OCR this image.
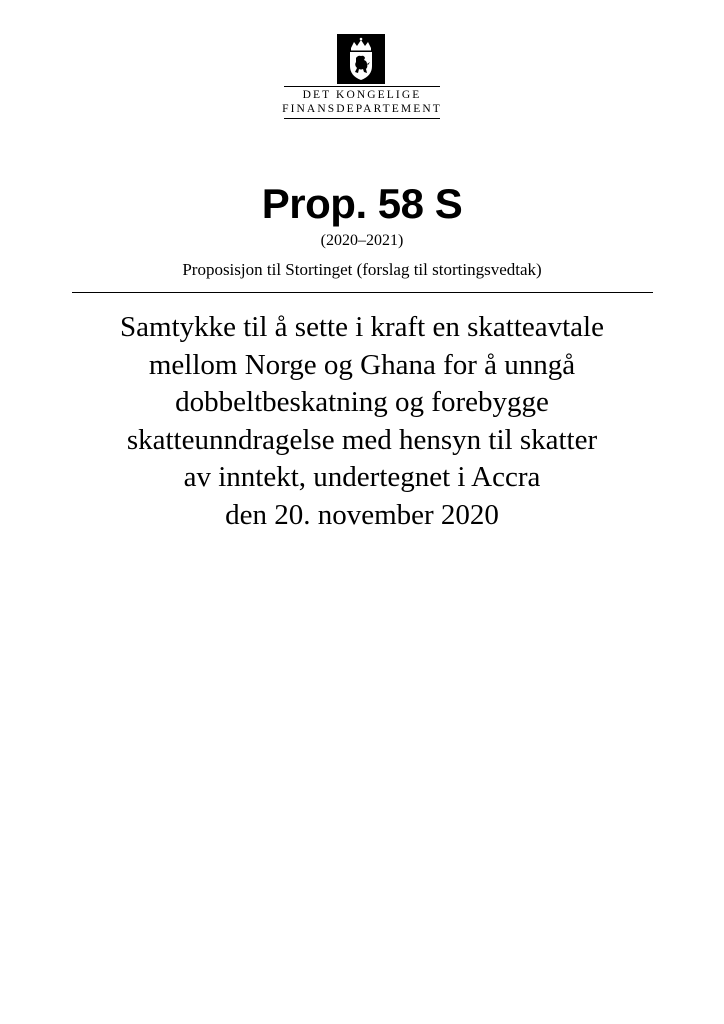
DET KONGELIGE
FINANSDEPARTEMENT
Prop. 58 S
(2020–2021)
Proposisjon til Stortinget (forslag til stortingsvedtak)
Samtykke til å sette i kraft en skatteavtale
mellom Norge og Ghana for å unngå
dobbeltbeskatning og forebygge
skatteunndragelse med hensyn til skatter
av inntekt, undertegnet i Accra
den 20. november 2020
